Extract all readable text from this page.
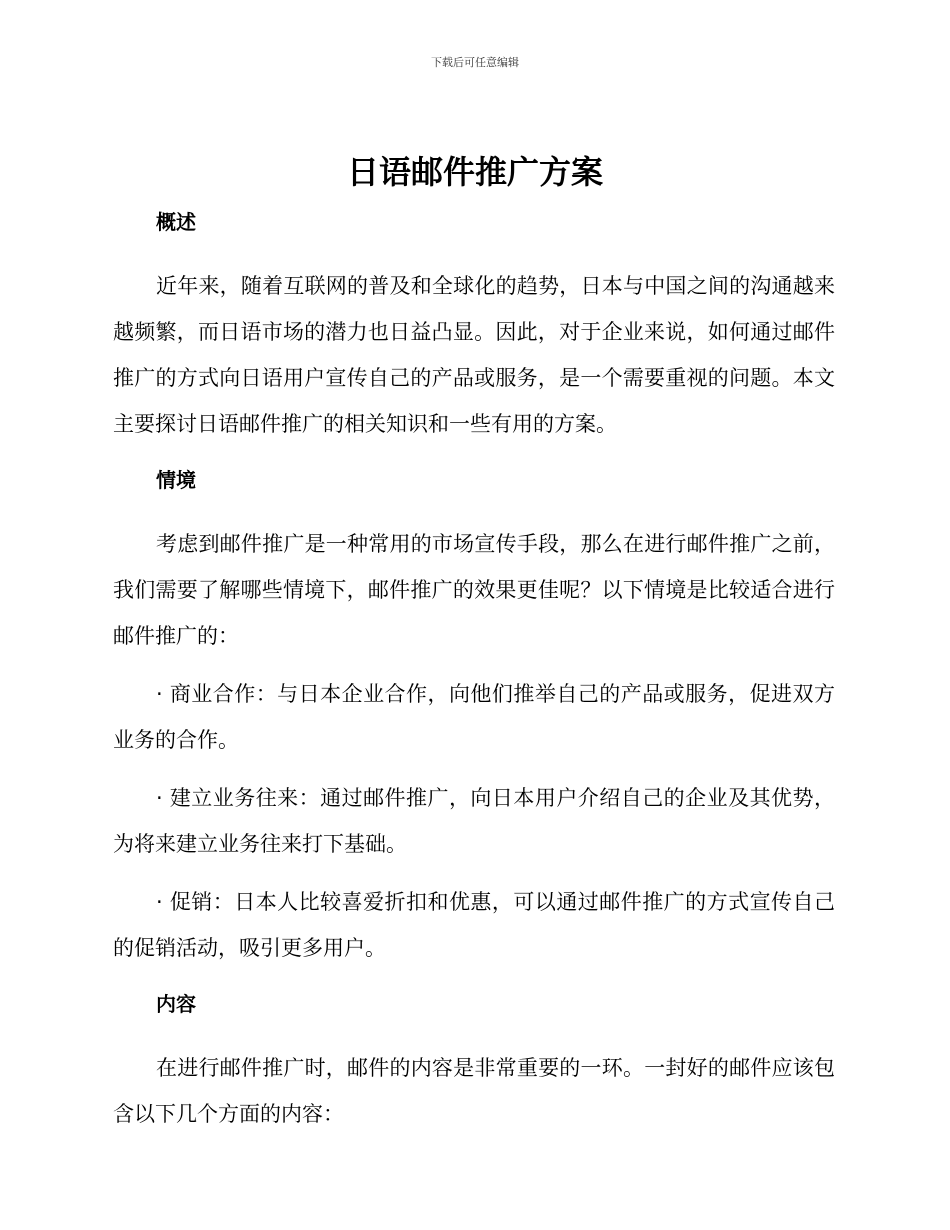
下载后可任意编辑
日语邮件推广方案
概述

近年来，随着互联网的普及和全球化的趋势，日本与中国之间的沟通越来越频繁，而日语市场的潜力也日益凸显。因此，对于企业来说，如何通过邮件推广的方式向日语用户宣传自己的产品或服务，是一个需要重视的问题。本文主要探讨日语邮件推广的相关知识和一些有用的方案。

情境

考虑到邮件推广是一种常用的市场宣传手段，那么在进行邮件推广之前，我们需要了解哪些情境下，邮件推广的效果更佳呢？以下情境是比较适合进行邮件推广的：

· 商业合作：与日本企业合作，向他们推举自己的产品或服务，促进双方业务的合作。

· 建立业务往来：通过邮件推广，向日本用户介绍自己的企业及其优势，为将来建立业务往来打下基础。

· 促销：日本人比较喜爱折扣和优惠，可以通过邮件推广的方式宣传自己的促销活动，吸引更多用户。

内容

在进行邮件推广时，邮件的内容是非常重要的一环。一封好的邮件应该包含以下几个方面的内容：
